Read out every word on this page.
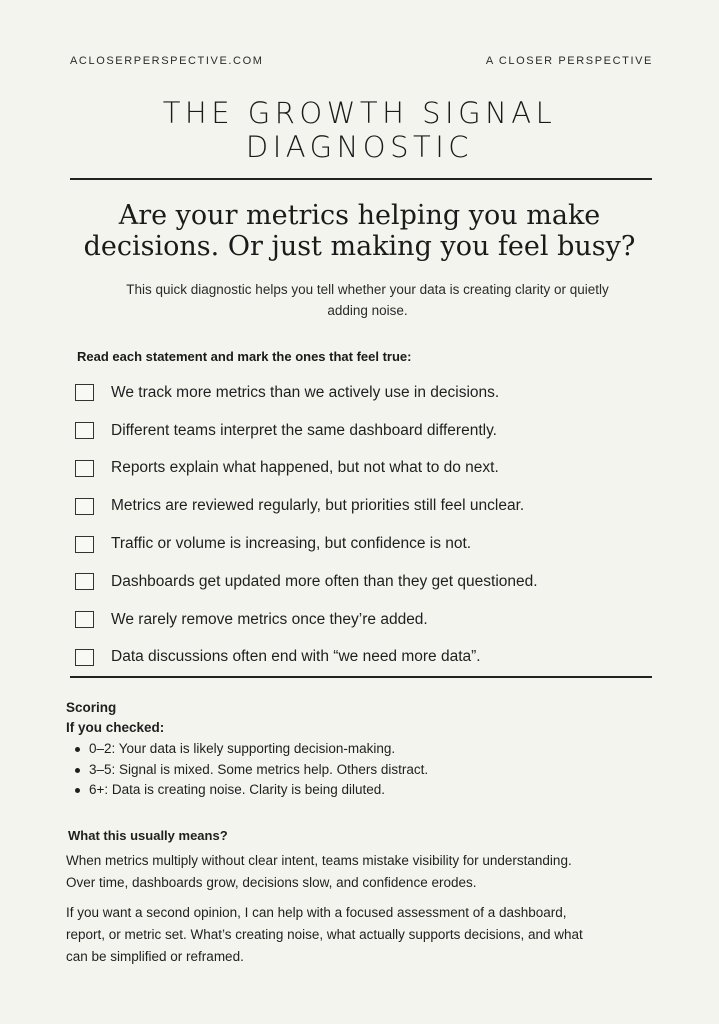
ACLOSERPERSPECTIVE.COM	A CLOSER PERSPECTIVE
THE GROWTH SIGNAL
DIAGNOSTIC
Are your metrics helping you make
decisions. Or just making you feel busy?
This quick diagnostic helps you tell whether your data is creating clarity or quietly
adding noise.
Read each statement and mark the ones that feel true:
We track more metrics than we actively use in decisions.
Different teams interpret the same dashboard differently.
Reports explain what happened, but not what to do next.
Metrics are reviewed regularly, but priorities still feel unclear.
Traffic or volume is increasing, but confidence is not.
Dashboards get updated more often than they get questioned.
We rarely remove metrics once they’re added.
Data discussions often end with “we need more data”.
Scoring
If you checked:
0–2: Your data is likely supporting decision-making.
3–5: Signal is mixed. Some metrics help. Others distract.
6+: Data is creating noise. Clarity is being diluted.
What this usually means?

When metrics multiply without clear intent, teams mistake visibility for understanding.
Over time, dashboards grow, decisions slow, and confidence erodes.

If you want a second opinion, I can help with a focused assessment of a dashboard,
report, or metric set. What’s creating noise, what actually supports decisions, and what
can be simplified or reframed.
